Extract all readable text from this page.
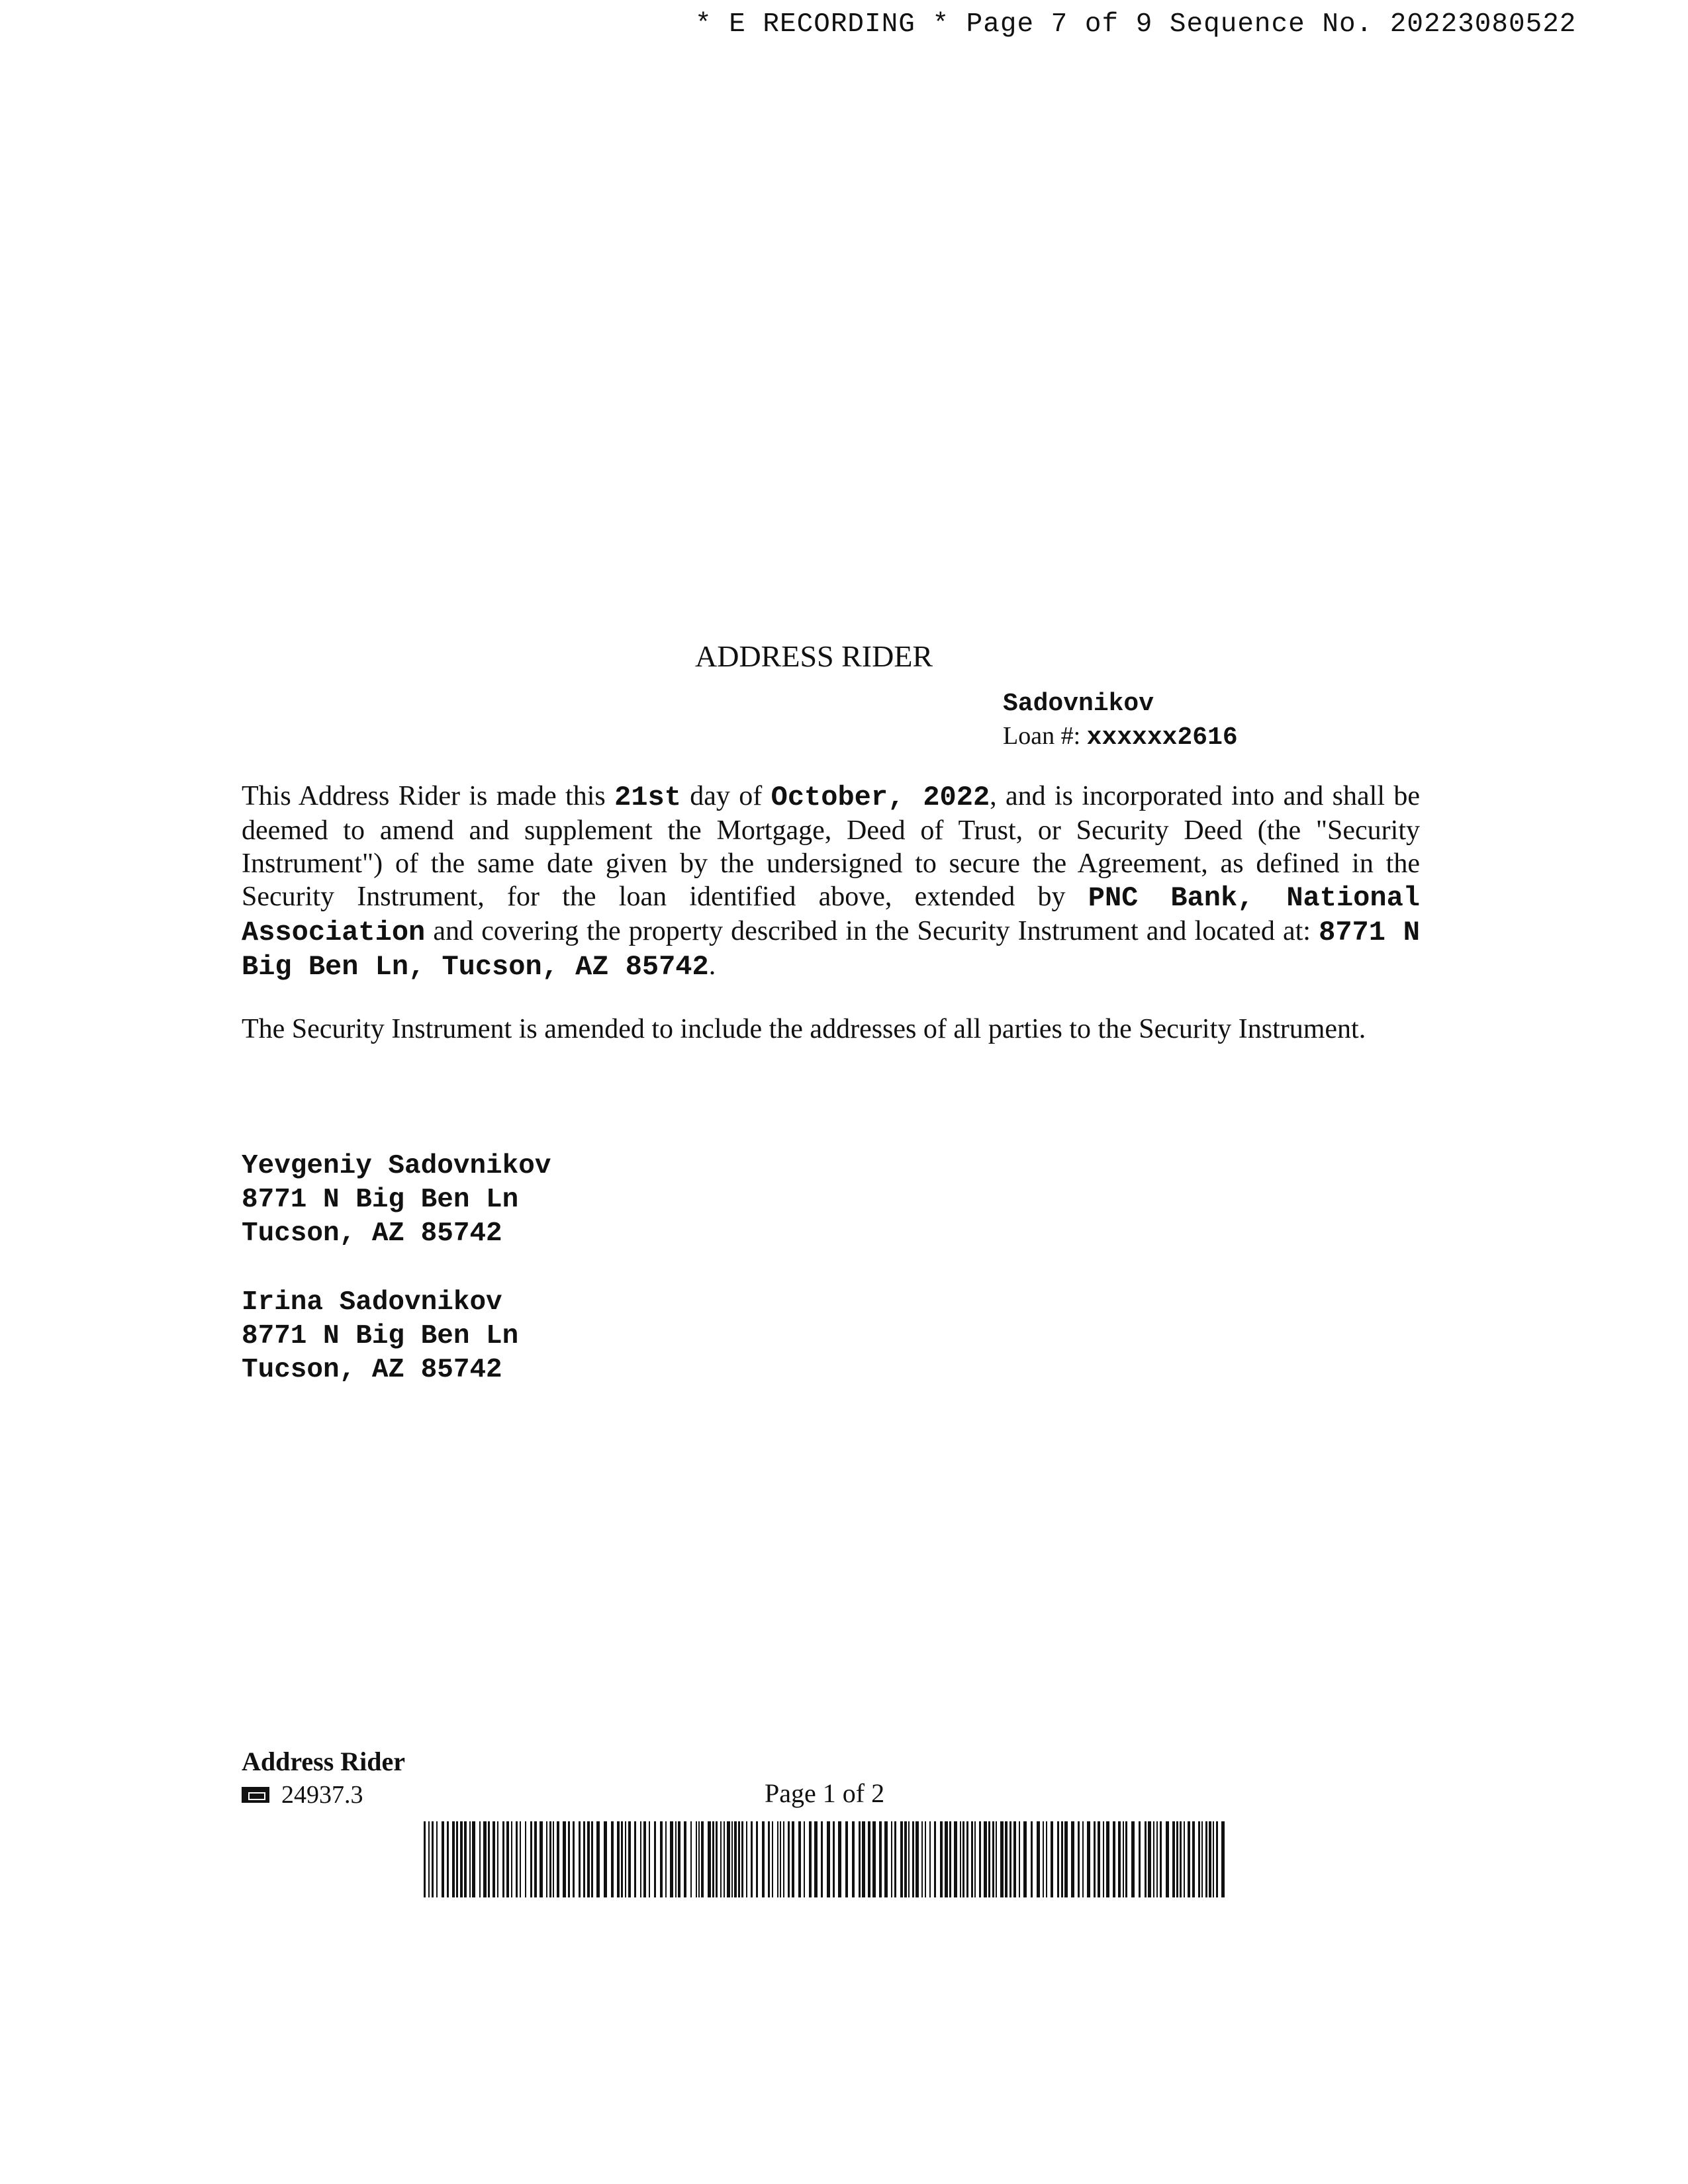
* E RECORDING * Page 7 of 9 Sequence No. 20223080522
ADDRESS RIDER
Sadovnikov
Loan #: xxxxxx2616
This Address Rider is made this 21st day of October, 2022, and is incorporated into and shall be deemed to amend and supplement the Mortgage, Deed of Trust, or Security Deed (the "Security Instrument") of the same date given by the undersigned to secure the Agreement, as defined in the Security Instrument, for the loan identified above, extended by PNC Bank, National Association and covering the property described in the Security Instrument and located at: 8771 N Big Ben Ln, Tucson, AZ 85742.
The Security Instrument is amended to include the addresses of all parties to the Security Instrument.
Yevgeniy Sadovnikov
8771 N Big Ben Ln
Tucson, AZ 85742
Irina Sadovnikov
8771 N Big Ben Ln
Tucson, AZ 85742
Address Rider
24937.3	Page 1 of 2
